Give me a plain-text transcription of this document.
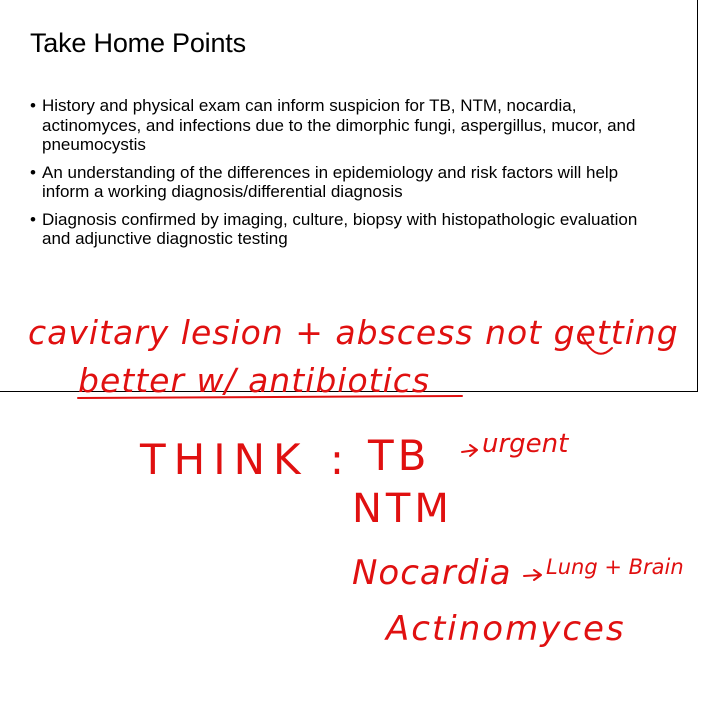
Take Home Points
• History and physical exam can inform suspicion for TB, NTM, nocardia, actinomyces, and infections due to the dimorphic fungi, aspergillus, mucor, and pneumocystis
• An understanding of the differences in epidemiology and risk factors will help inform a working diagnosis/differential diagnosis
• Diagnosis confirmed by imaging, culture, biopsy with histopathologic evaluation and adjunctive diagnostic testing
cavitary lesion + abscess not getting
better w/ antibiotics
THINK : TB urgent
NTM
Nocardia Lung + Brain
Actinomyces
